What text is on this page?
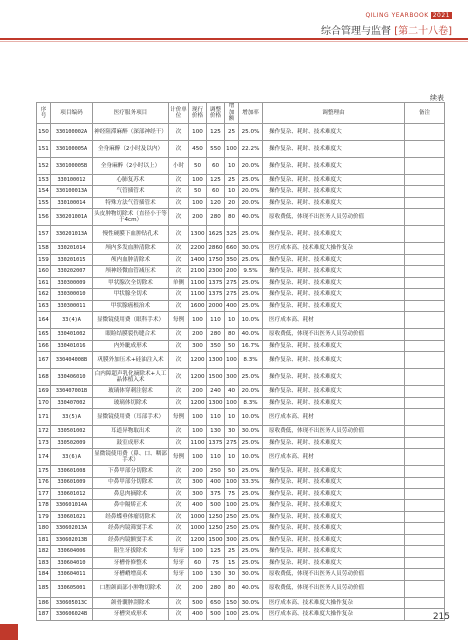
QILING YEARBOOK 2021
综合管理与监督 [第二十八卷]
续表
序号	项目编码	医疗服务项目	计价单位	现行价格	调整价格	增加额	增加率	调整理由	备注
150	330100002A	神经阻滞麻醉（深部神经干）	次	100	125	25	25.0%	操作复杂、耗时、技术难度大	
151	330100005A	全身麻醉（2小时及以内）	次	450	550	100	22.2%	操作复杂、耗时、技术难度大	
152	330100005B	全身麻醉（2小时以上）	小时	50	60	10	20.0%	操作复杂、耗时、技术难度大	
153	330100012	心肺复苏术	次	100	125	25	25.0%	操作复杂、耗时、技术难度大	
154	330100013A	气管插管术	次	50	60	10	20.0%	操作复杂、耗时、技术难度大	
155	330100014	特殊方法气管插管术	次	100	120	20	20.0%	操作复杂、耗时、技术难度大	
156	330201001A	头皮肿物切除术（直径小于等于4cm）	次	200	280	80	40.0%	原收费低，体现不出医务人员劳动价值	
157	330201013A	慢性硬膜下血肿钻孔术	次	1300	1625	325	25.0%	操作复杂、耗时、技术难度大	
158	330201014	颅内多发血肿清除术	次	2200	2860	660	30.0%	医疗成本高、技术难度大操作复杂	
159	330201015	颅内血肿清除术	次	1400	1750	350	25.0%	操作复杂、耗时、技术难度大	
160	330202007	颅神经微血管减压术	次	2100	2300	200	9.5%	操作复杂、耗时、技术难度大	
161	330300009	甲状腺次全切除术	单侧	1100	1375	275	25.0%	操作复杂、耗时、技术难度大	
162	330300010	甲状腺全切术	次	1100	1375	275	25.0%	操作复杂、耗时、技术难度大	
163	330300011	甲状腺癌根治术	次	1600	2000	400	25.0%	操作复杂、耗时、技术难度大	
164	33(4)A	显微镜使用费（眼科手术）	每例	100	110	10	10.0%	医疗成本高、耗材	
165	330401002	眼睑结膜裂伤缝合术	次	200	280	80	40.0%	原收费低，体现不出医务人员劳动价值	
166	330401016	内外眦成形术	次	300	350	50	16.7%	操作复杂、耗时、技术难度大	
167	330404008B	巩膜外加压术+硅油注入术	次	1200	1300	100	8.3%	操作复杂、耗时、技术难度大	
168	330406010	白内障超声乳化摘除术+人工晶体植入术	次	1200	1500	300	25.0%	操作复杂、耗时、技术难度大	
169	330407001B	玻璃体穿刺注射术	次	200	240	40	20.0%	操作复杂、耗时、技术难度大	
170	330407002	玻璃体切除术	次	1200	1300	100	8.3%	操作复杂、耗时、技术难度大	
171	33(5)A	显微镜使用费（耳部手术）	每例	100	110	10	10.0%	医疗成本高、耗材	
172	330501002	耳道异物取出术	次	100	130	30	30.0%	原收费低，体现不出医务人员劳动价值	
173	330502009	鼓室成形术	次	1100	1375	275	25.0%	操作复杂、耗时、技术难度大	
174	33(6)A	显微镜使用费（鼻、口、咽部手术）	每例	100	110	10	10.0%	医疗成本高、耗材	
175	330601008	下鼻甲部分切除术	次	200	250	50	25.0%	操作复杂、耗时、技术难度大	
176	330601009	中鼻甲部分切除术	次	300	400	100	33.3%	操作复杂、耗时、技术难度大	
177	330601012	鼻息肉摘除术	次	300	375	75	25.0%	操作复杂、耗时、技术难度大	
178	330601014A	鼻中隔矫正术	次	400	500	100	25.0%	操作复杂、耗时、技术难度大	
179	330601021	经鼻蝶垂体瘤切除术	次	1000	1250	250	25.0%	操作复杂、耗时、技术难度大	
180	330602013A	经鼻内镜筛窦手术	次	1000	1250	250	25.0%	操作复杂、耗时、技术难度大	
181	330602013B	经鼻内镜额窦手术	次	1200	1500	300	25.0%	操作复杂、耗时、技术难度大	
182	330604006	阻生牙拔除术	每牙	100	125	25	25.0%	操作复杂、耗时、技术难度大	
183	330604010	牙槽骨修整术	每牙	60	75	15	25.0%	操作复杂、耗时、技术难度大	
184	330604011	牙槽嵴增高术	每牙	100	130	30	30.0%	原收费低，体现不出医务人员劳动价值	
185	330605001	口腔颌面部小肿物切除术	次	200	280	80	40.0%	原收费低，体现不出医务人员劳动价值	
186	330605013C	颌骨囊肿刮除术	次	500	650	150	30.0%	医疗成本高、技术难度大操作复杂	
187	330606024B	牙槽突成形术	次	400	500	100	25.0%	医疗成本高、技术难度大操作复杂		215
